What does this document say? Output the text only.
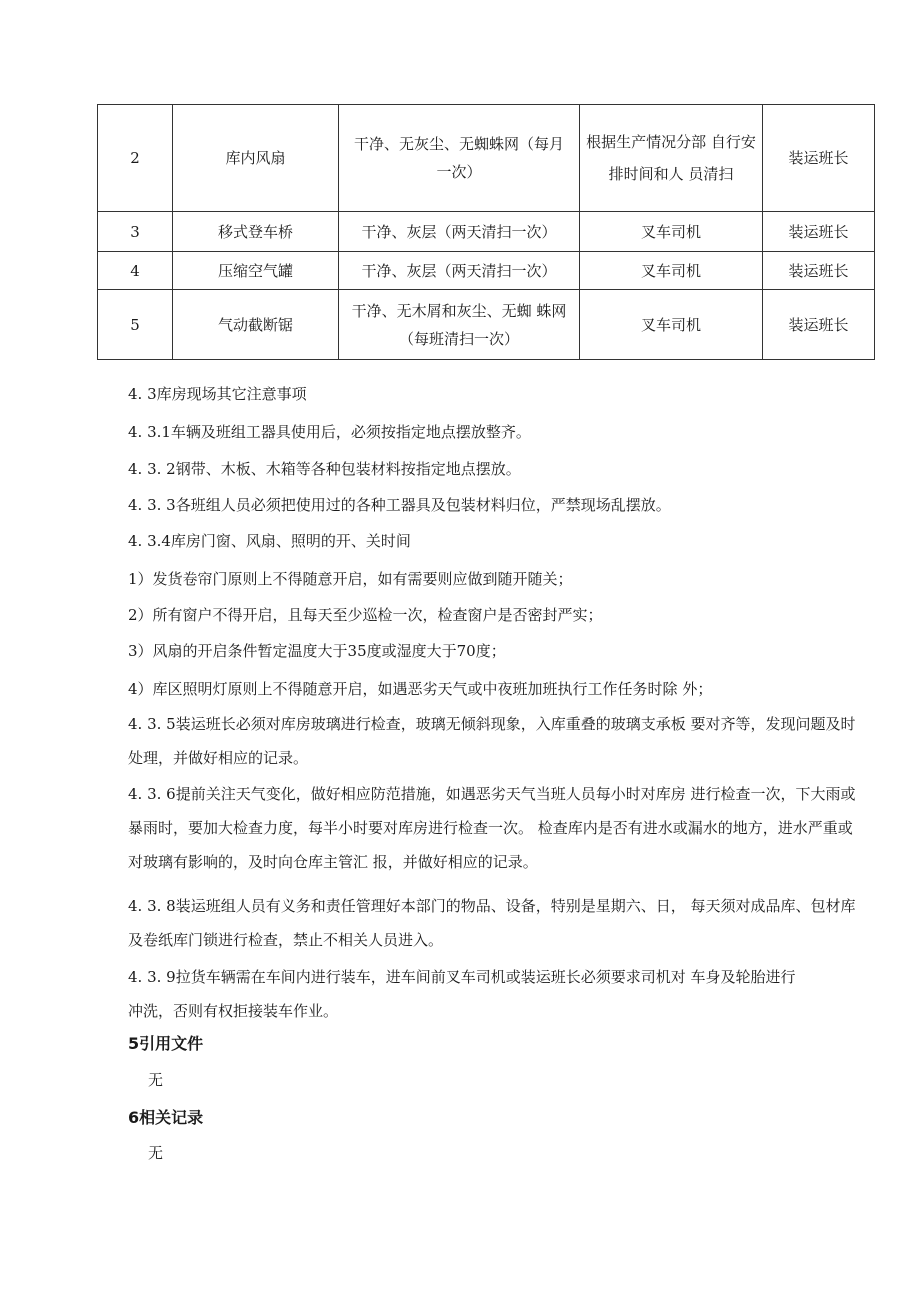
2	库内风扇	干净、无灰尘、无蜘蛛网（每月一次）	根据生产情况分部 自行安排时间和人 员清扫	装运班长
3	移式登车桥	干净、灰层（两天清扫一次）	叉车司机	装运班长
4	压缩空气罐	干净、灰层（两天清扫一次）	叉车司机	装运班长
5	气动截断锯	干净、无木屑和灰尘、无蜘 蛛网（每班清扫一次）	叉车司机	装运班长

4. 3库房现场其它注意事项

4. 3.1车辆及班组工器具使用后，必须按指定地点摆放整齐。

4. 3. 2钢带、木板、木箱等各种包装材料按指定地点摆放。

4. 3. 3各班组人员必须把使用过的各种工器具及包装材料归位，严禁现场乱摆放。

4. 3.4库房门窗、风扇、照明的开、关时间

1）发货卷帘门原则上不得随意开启，如有需要则应做到随开随关；

2）所有窗户不得开启，且每天至少巡检一次，检查窗户是否密封严实；

3）风扇的开启条件暂定温度大于35度或湿度大于70度；

4）库区照明灯原则上不得随意开启，如遇恶劣天气或中夜班加班执行工作任务时除 外；

4. 3. 5装运班长必须对库房玻璃进行检查，玻璃无倾斜现象，入库重叠的玻璃支承板 要对齐等，发现问题及时处理，并做好相应的记录。

4. 3. 6提前关注天气变化，做好相应防范措施，如遇恶劣天气当班人员每小时对库房 进行检查一次，下大雨或暴雨时，要加大检查力度，每半小时要对库房进行检查一次。 检查库内是否有进水或漏水的地方，进水严重或对玻璃有影响的，及时向仓库主管汇 报，并做好相应的记录。

4. 3. 8装运班组人员有义务和责任管理好本部门的物品、设备，特别是星期六、日， 每天须对成品库、包材库及卷纸库门锁进行检查，禁止不相关人员进入。

4. 3. 9拉货车辆需在车间内进行装车，进车间前叉车司机或装运班长必须要求司机对 车身及轮胎进行冲洗，否则有权拒接装车作业。

5引用文件

无

6相关记录

无
